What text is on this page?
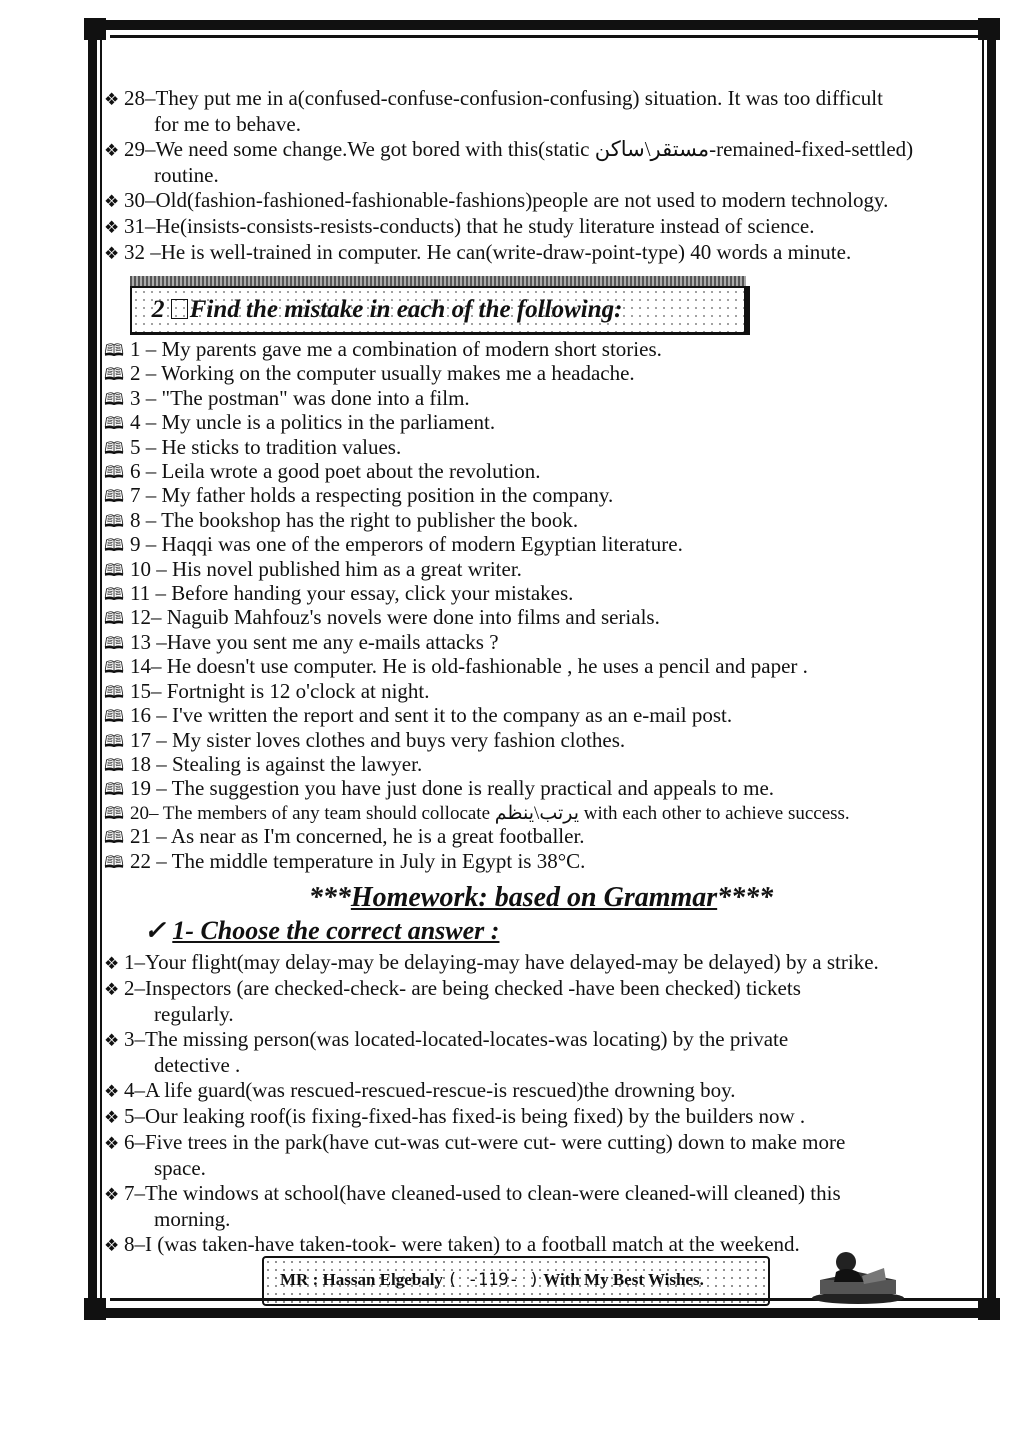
❖ 28–They put me in a(confused-confuse-confusion-confusing) situation. It was too difficult
for me to behave.

❖ 29–We need some change.We got bored with this(static مستقر\ساكن-remained-fixed-settled)
routine.

❖ 30–Old(fashion-fashioned-fashionable-fashions)people are not used to modern technology.

❖ 31–He(insists-consists-resists-conducts) that he study literature instead of science.

❖ 32 –He is well-trained in computer. He can(write-draw-point-type) 40 words a minute.

2 Find the mistake in each of the following:

🕮 1 – My parents gave me a combination of modern short stories.

🕮 2 – Working on the computer usually makes me a headache.

🕮 3 – "The postman" was done into a film.

🕮 4 – My uncle is a politics in the parliament.

🕮 5 – He sticks to tradition values.

🕮 6 – Leila wrote a good poet about the revolution.

🕮 7 – My father holds a respecting position in the company.

🕮 8 – The bookshop has the right to publisher the book.

🕮 9 – Haqqi was one of the emperors of modern Egyptian literature.

🕮 10 – His novel published him as a great writer.

🕮 11 – Before handing your essay, click your mistakes.

🕮 12– Naguib Mahfouz's novels were done into films and serials.

🕮 13 –Have you sent me any e-mails attacks ?

🕮 14– He doesn't use computer. He is old-fashionable , he uses a pencil and paper .

🕮 15– Fortnight is 12 o'clock at night.

🕮 16 – I've written the report and sent it to the company as an e-mail post.

🕮 17 – My sister loves clothes and buys very fashion clothes.

🕮 18 – Stealing is against the lawyer.

🕮 19 – The suggestion you have just done is really practical and appeals to me.

🕮 20– The members of any team should collocate يرتب\ينظم with each other to achieve success.

🕮 21 – As near as I'm concerned, he is a great footballer.

🕮 22 – The middle temperature in July in Egypt is 38°C.

***Homework: based on Grammar****
✓ 1- Choose the correct answer :

❖ 1–Your flight(may delay-may be delaying-may have delayed-may be delayed) by a strike.

❖ 2–Inspectors (are checked-check- are being checked -have been checked) tickets
regularly.

❖ 3–The missing person(was located-located-locates-was locating) by the private
detective .

❖ 4–A life guard(was rescued-rescued-rescue-is rescued)the drowning boy.

❖ 5–Our leaking roof(is fixing-fixed-has fixed-is being fixed) by the builders now .

❖ 6–Five trees in the park(have cut-was cut-were cut- were cutting) down to make more
space.

❖ 7–The windows at school(have cleaned-used to clean-were cleaned-will cleaned) this
morning.

❖ 8–I (was taken-have taken-took- were taken) to a football match at the weekend.

MR : Hassan Elgebaly ( -119- ) With My Best Wishes.
